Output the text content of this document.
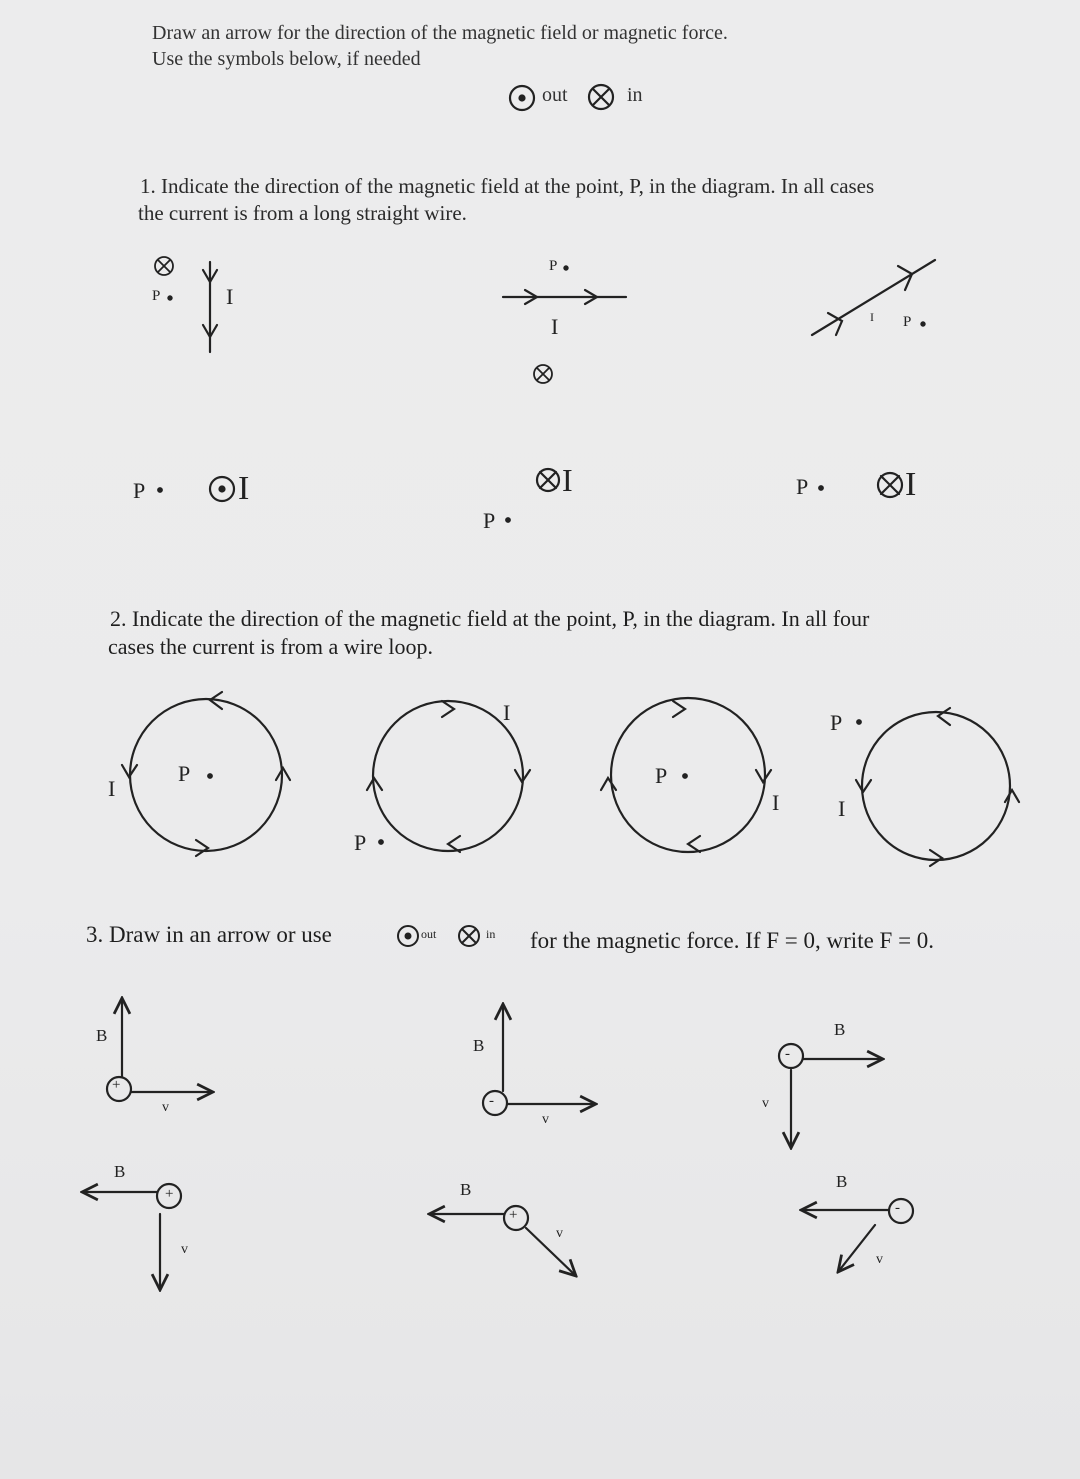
Draw an arrow for the direction of the magnetic field or magnetic force.
Use the symbols below, if needed
out	in
1. Indicate the direction of the magnetic field at the point, P, in the diagram. In all cases
the current is from a long straight wire.
P	I
P
I	I P
P	I	I
P
P	I
2. Indicate the direction of the magnetic field at the point, P, in the diagram. In all four
cases the current is from a wire loop.
I
P
I
P
P
I
P
I
3. Draw in an arrow or use	out	in for the magnetic force. If F = 0, write F = 0.
B
v
B
v
B
v
B
v
B
v
B
v
+
-
-
+
+	-
